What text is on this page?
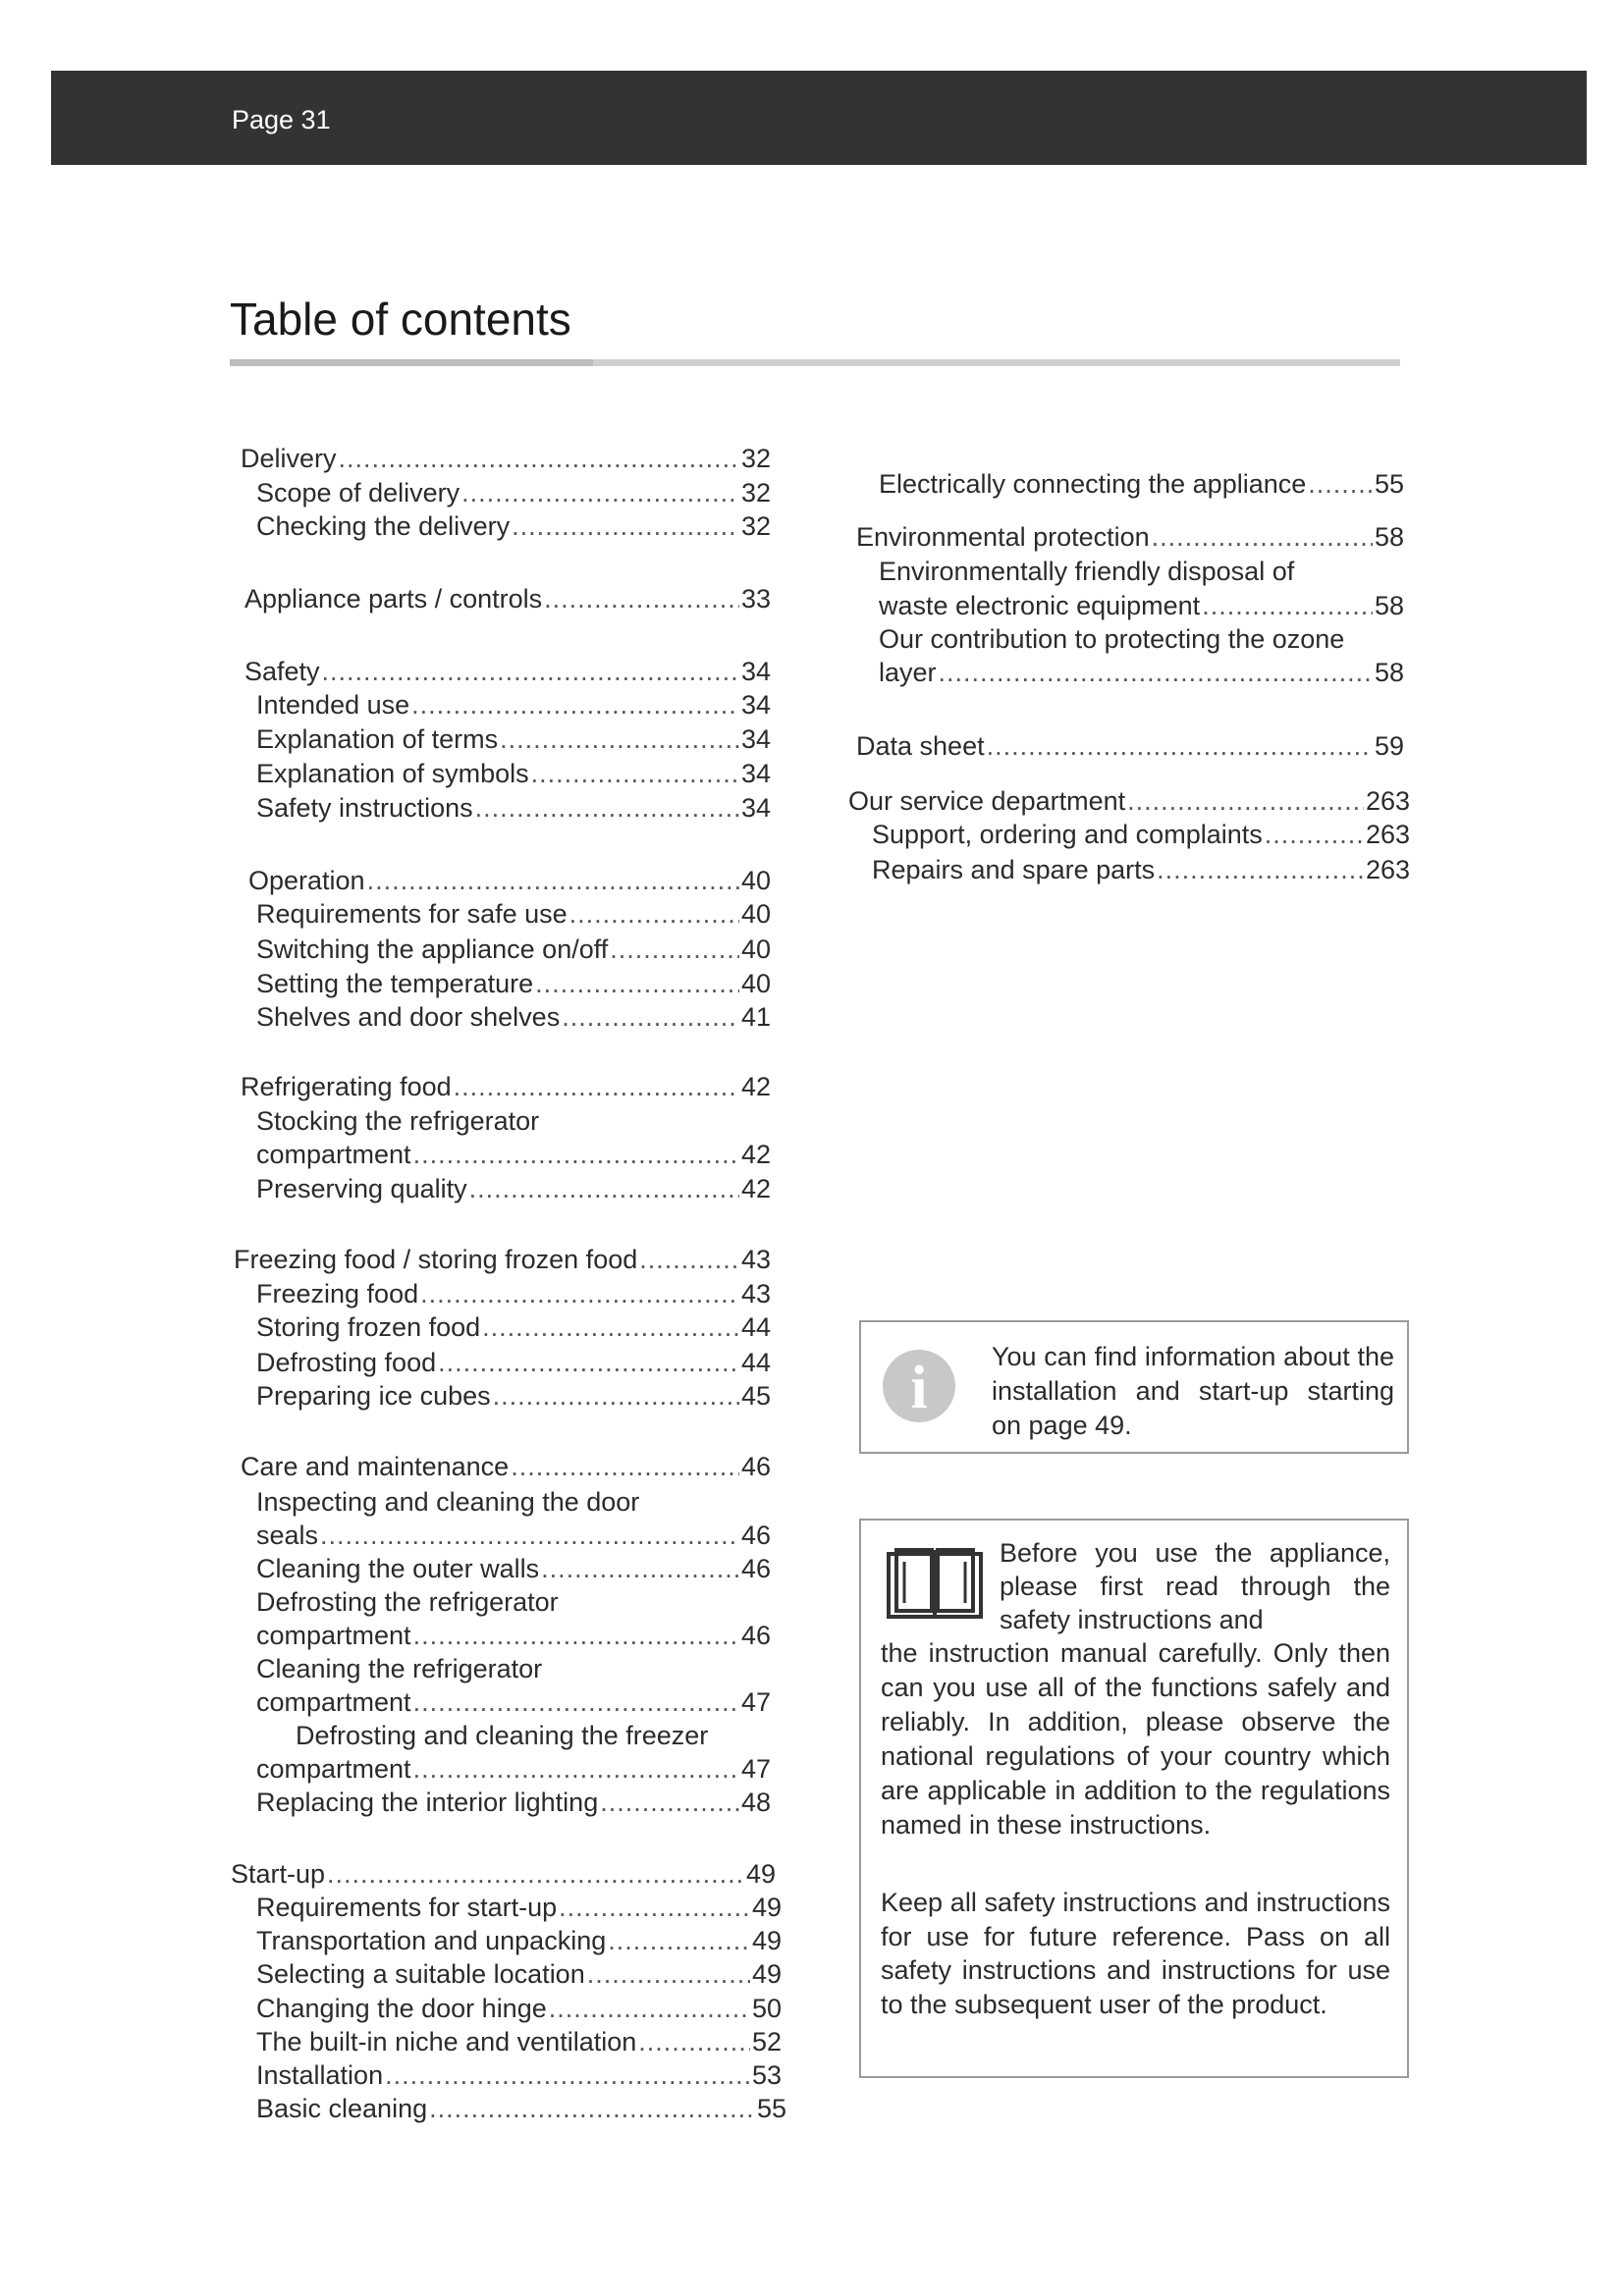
Page 31
Table of contents
Delivery .....	32
Scope of delivery .....	32
Checking the delivery .....	32
Appliance parts / controls .....	33
Safety .....	34
Intended use .....	34
Explanation of terms .....	34
Explanation of symbols .....	34
Safety instructions .....	34
Operation .....	40
Requirements for safe use .....	40
Switching the appliance on/off .....	40
Setting the temperature .....	40
Shelves and door shelves .....	41
Refrigerating food .....	42
Stocking the refrigerator
compartment .....	42
Preserving quality .....	42
Freezing food / storing frozen food .....	43
Freezing food .....	43
Storing frozen food .....	44
Defrosting food .....	44
Preparing ice cubes .....	45
Care and maintenance .....	46
Inspecting and cleaning the door
seals .....	46
Cleaning the outer walls .....	46
Defrosting the refrigerator
compartment .....	46
Cleaning the refrigerator
compartment .....	47
Defrosting and cleaning the freezer
compartment .....	47
Replacing the interior lighting .....	48
Start-up .....	49
Requirements for start-up .....	49
Transportation and unpacking .....	49
Selecting a suitable location .....	49
Changing the door hinge .....	50
The built-in niche and ventilation .....	52
Installation .....	53
Basic cleaning .....	55
Electrically connecting the appliance .....	55
Environmental protection .....	58
Environmentally friendly disposal of
waste electronic equipment .....	58
Our contribution to protecting the ozone
layer .....	58
Data sheet .....	59
Our service department .....	263
Support, ordering and complaints .....	263
Repairs and spare parts .....	263
i	You can find information about the installation and start-up starting on page 49.
Before you use the appliance, please first read through the safety instructions and

the instruction manual carefully. Only then can you use all of the functions safely and reliably. In addition, please observe the national regulations of your country which are applicable in addition to the regulations named in these instructions.

Keep all safety instructions and instructions for use for future reference. Pass on all safety instructions and instructions for use to the subsequent user of the product.
